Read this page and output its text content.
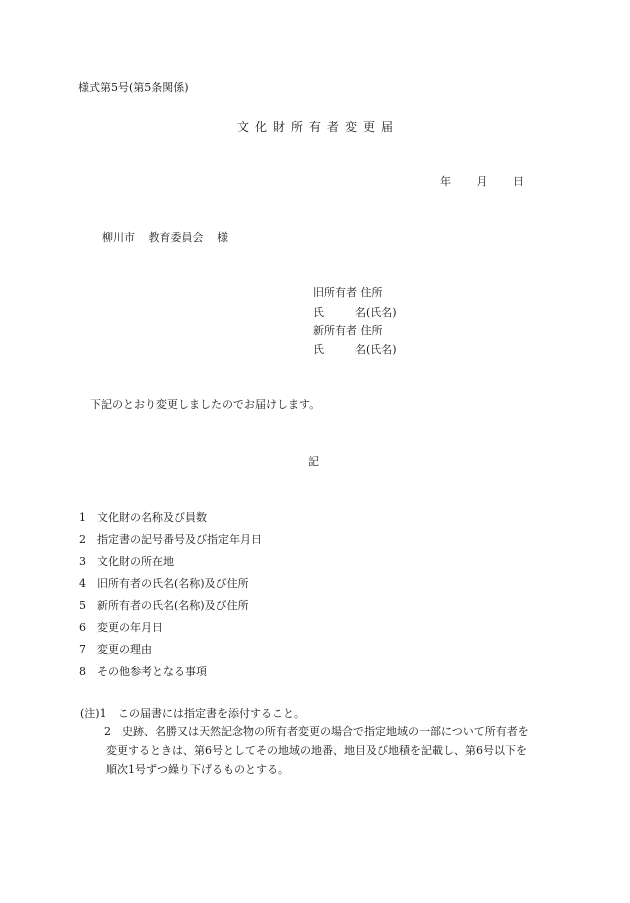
様式第5号(第5条関係)
文化財所有者変更届
年 月 日
柳川市 教育委員会 様
旧所有者 住所
氏	名(氏名)
新所有者 住所
氏	名(氏名)
下記のとおり変更しましたのでお届けします。
記
1 文化財の名称及び員数
2 指定書の記号番号及び指定年月日
3 文化財の所在地
4 旧所有者の氏名(名称)及び住所
5 新所有者の氏名(名称)及び住所
6 変更の年月日
7 変更の理由
8 その他参考となる事項
(注)1 この届書には指定書を添付すること。
2 史跡、名勝又は天然記念物の所有者変更の場合で指定地域の一部について所有者を
変更するときは、第6号としてその地域の地番、地目及び地積を記載し、第6号以下を
順次1号ずつ繰り下げるものとする。
